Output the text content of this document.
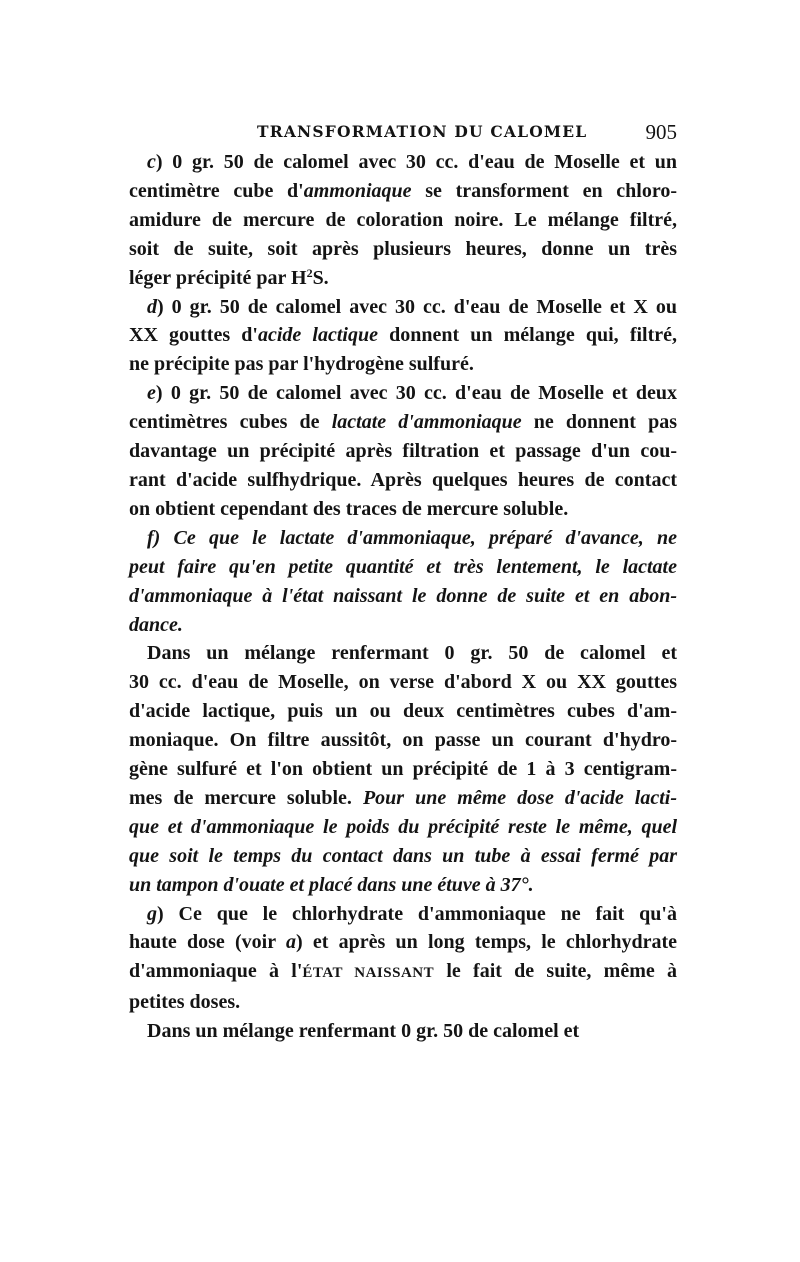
TRANSFORMATION DU CALOMEL	905
c) 0 gr. 50 de calomel avec 30 cc. d'eau de Moselle et un
centimètre cube d'ammoniaque se transforment en chloro-
amidure de mercure de coloration noire. Le mélange filtré,
soit de suite, soit après plusieurs heures, donne un très
léger précipité par $H^2S$.
d) 0 gr. 50 de calomel avec 30 cc. d'eau de Moselle et X ou
XX gouttes d'acide lactique donnent un mélange qui, filtré,
ne précipite pas par l'hydrogène sulfuré.
e) 0 gr. 50 de calomel avec 30 cc. d'eau de Moselle et deux
centimètres cubes de lactate d'ammoniaque ne donnent pas
davantage un précipité après filtration et passage d'un cou-
rant d'acide sulfhydrique. Après quelques heures de contact
on obtient cependant des traces de mercure soluble.
f) Ce que le lactate d'ammoniaque, préparé d'avance, ne
peut faire qu'en petite quantité et très lentement, le lactate
d'ammoniaque à l'état naissant le donne de suite et en abon-
dance.
Dans un mélange renfermant 0 gr. 50 de calomel et
30 cc. d'eau de Moselle, on verse d'abord X ou XX gouttes
d'acide lactique, puis un ou deux centimètres cubes d'am-
moniaque. On filtre aussitôt, on passe un courant d'hydro-
gène sulfuré et l'on obtient un précipité de 1 à 3 centigram-
mes de mercure soluble. Pour une même dose d'acide lacti-
que et d'ammoniaque le poids du précipité reste le même, quel
que soit le temps du contact dans un tube à essai fermé par
un tampon d'ouate et placé dans une étuve à 37°.
g) Ce que le chlorhydrate d'ammoniaque ne fait qu'à
haute dose (voir a) et après un long temps, le chlorhydrate
d'ammoniaque à l'ÉTAT NAISSANT le fait de suite, même à
petites doses.
Dans un mélange renfermant 0 gr. 50 de calomel et
